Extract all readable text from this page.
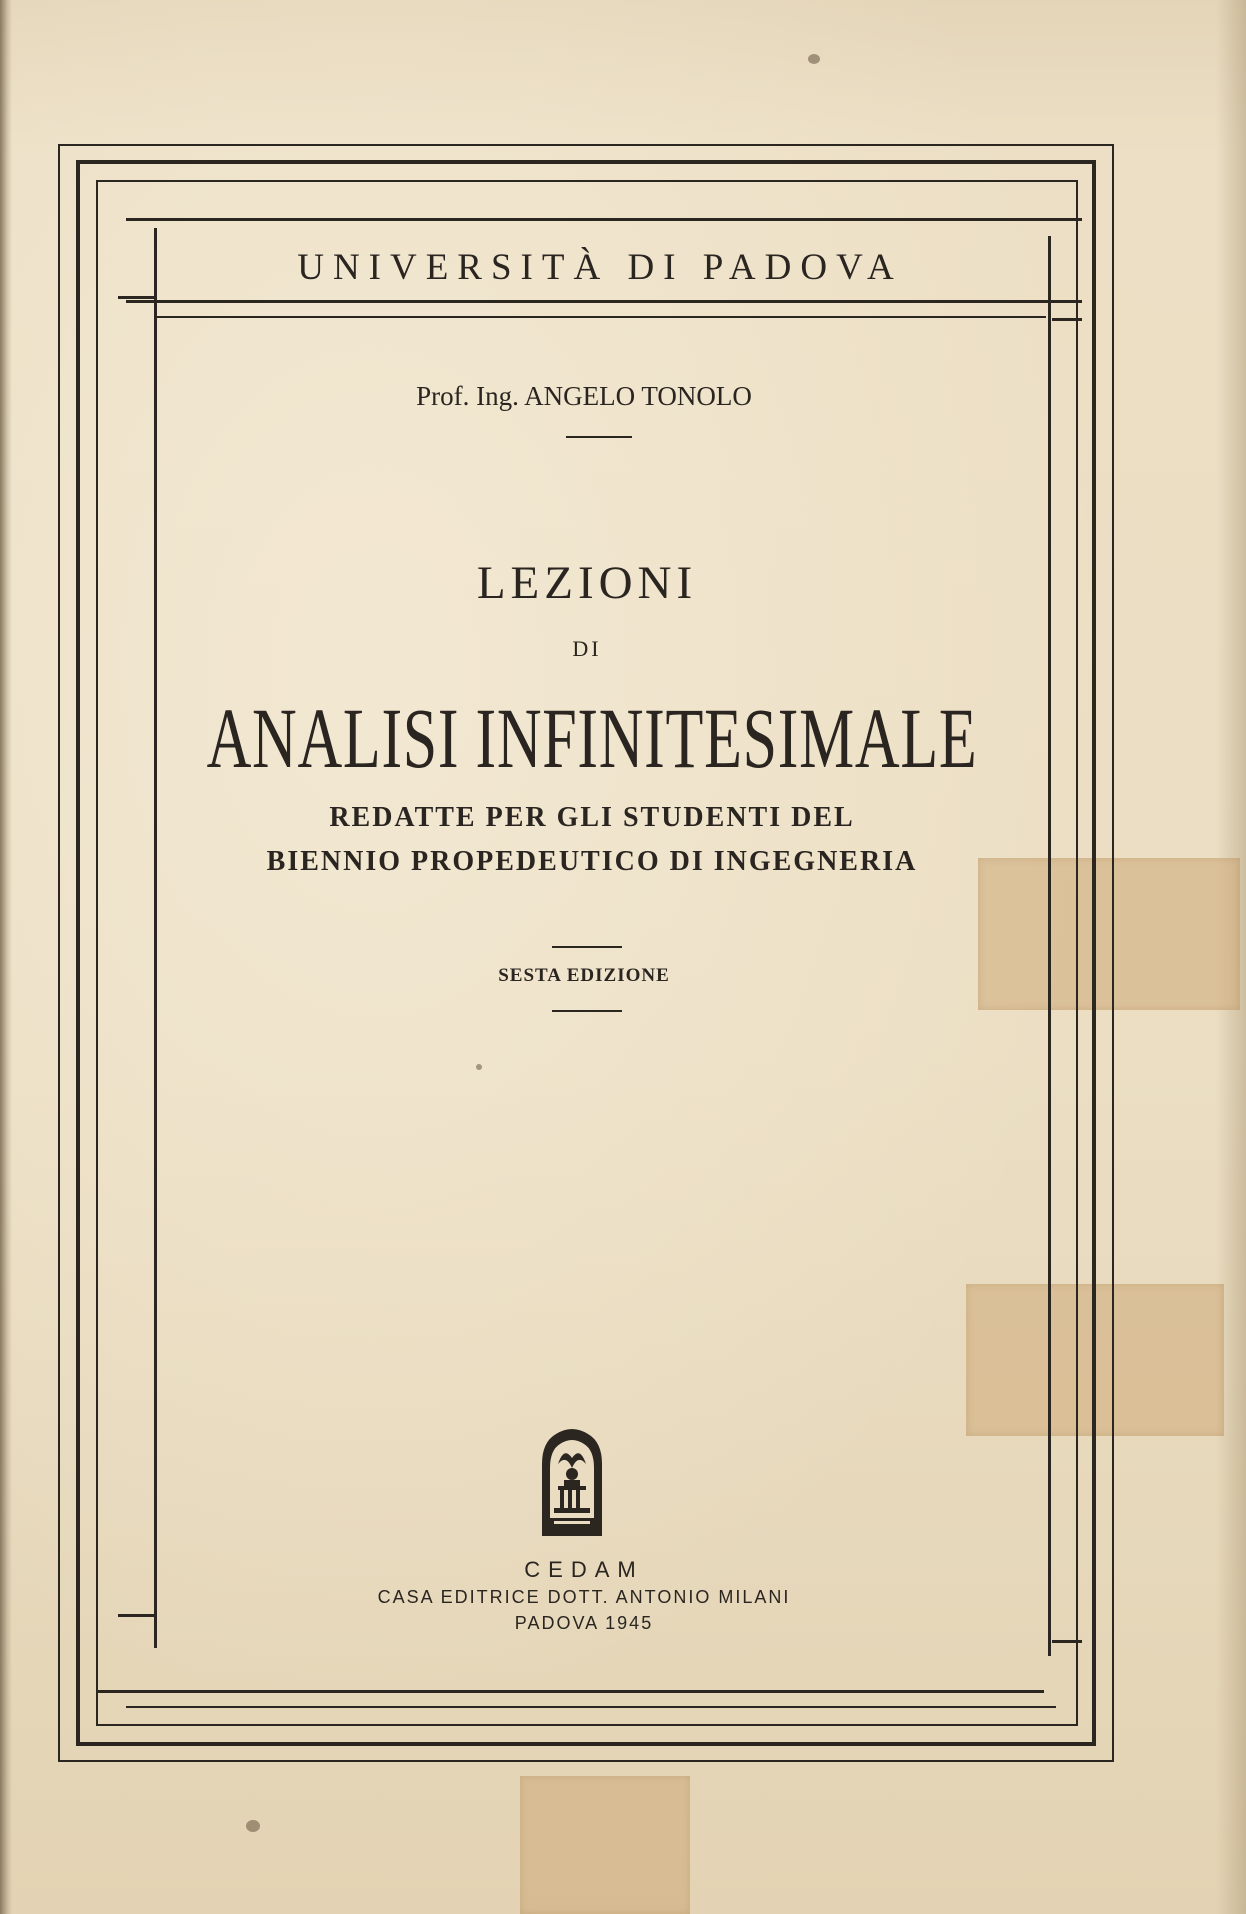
UNIVERSITÀ DI PADOVA
Prof. Ing. ANGELO TONOLO
LEZIONI
DI
ANALISI INFINITESIMALE
REDATTE PER GLI STUDENTI DEL
BIENNIO PROPEDEUTICO DI INGEGNERIA
SESTA EDIZIONE
CEDAM
CASA EDITRICE DOTT. ANTONIO MILANI
PADOVA 1945
